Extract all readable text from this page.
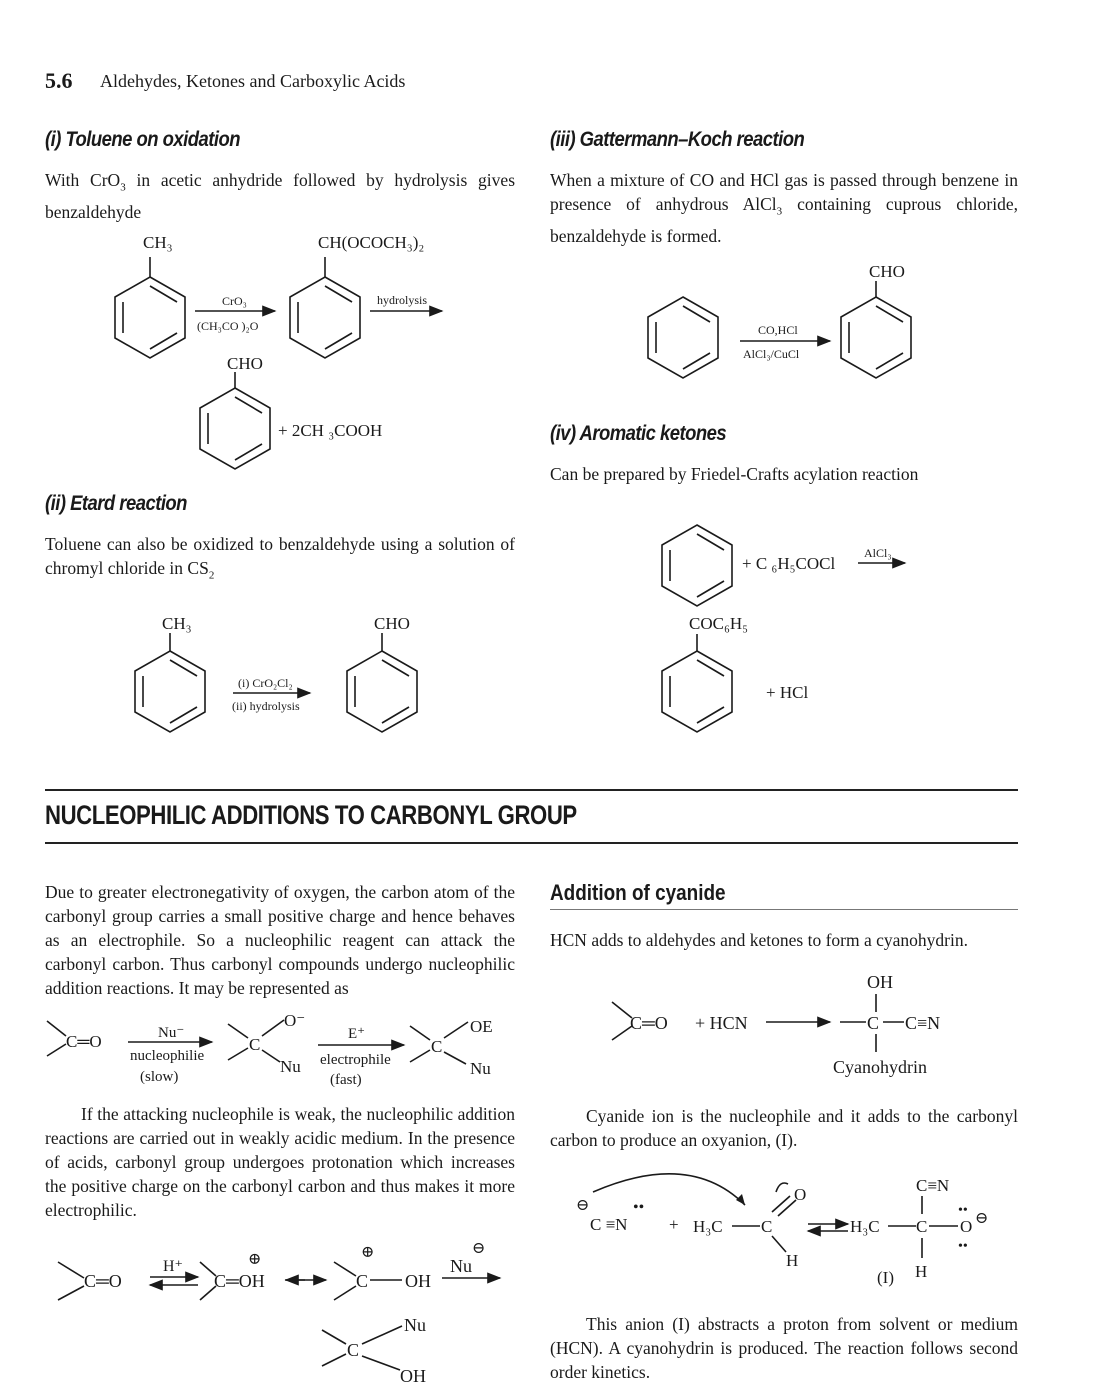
5.6 Aldehydes, Ketones and Carboxylic Acids
(i) Toluene on oxidation
With CrO$_3$ in acetic anhydride followed by hydrolysis gives benzaldehyde
CH₃
CrO₃
(CH₃CO )₂O
CH(OCOCH₃)₂
hydrolysis
CHO
+ 2CH ₃COOH
CH₃
(i) CrO₂Cl₂
(ii) hydrolysis
CHO
CO,HCl
AlCl₃/CuCl
CHO
+ C ₆H₅COCl
AlCl₃
COC₆H₅
+ HCl
C═O	Nu⁻
nucleophilie
(slow)
C
O⁻
Nu
E⁺
electrophile
(fast)
C
OE
Nu
C═O
H⁺
C═OH
⊕
C
⊕
OH
Nu
⊖
C
Nu
OH
C═O + HCN
OH
C C≡N
Cyanohydrin
⊖
C ≡N
••
+ H₃C C
O
H
H₃C
C≡N
C O
••
••
⊖
H
(I)
(ii) Etard reaction
Toluene can also be oxidized to benzaldehyde using a solution of chromyl chloride in $CS_2$
(iii) Gattermann–Koch reaction
When a mixture of CO and HCl gas is passed through benzene in presence of anhydrous AlCl$_3$ containing cuprous chloride, benzaldehyde is formed.
(iv) Aromatic ketones
Can be prepared by Friedel-Crafts acylation reaction
NUCLEOPHILIC ADDITIONS TO CARBONYL GROUP
Due to greater electronegativity of oxygen, the carbon atom of the carbonyl group carries a small positive charge and hence behaves as an electrophile. So a nucleophilic reagent can attack the carbonyl carbon. Thus carbonyl compounds undergo nucleophilic addition reactions. It may be represented as
If the attacking nucleophile is weak, the nucleophilic addition reactions are carried out in weakly acidic medium. In the presence of acids, carbonyl group undergoes protonation which increases the positive charge on the carbonyl carbon and thus makes it more electrophilic.
Addition of cyanide
HCN adds to aldehydes and ketones to form a cyanohydrin.
Cyanide ion is the nucleophile and it adds to the carbonyl carbon to produce an oxyanion, (I).
This anion (I) abstracts a proton from solvent or medium (HCN). A cyanohydrin is produced. The reaction follows second order kinetics.
